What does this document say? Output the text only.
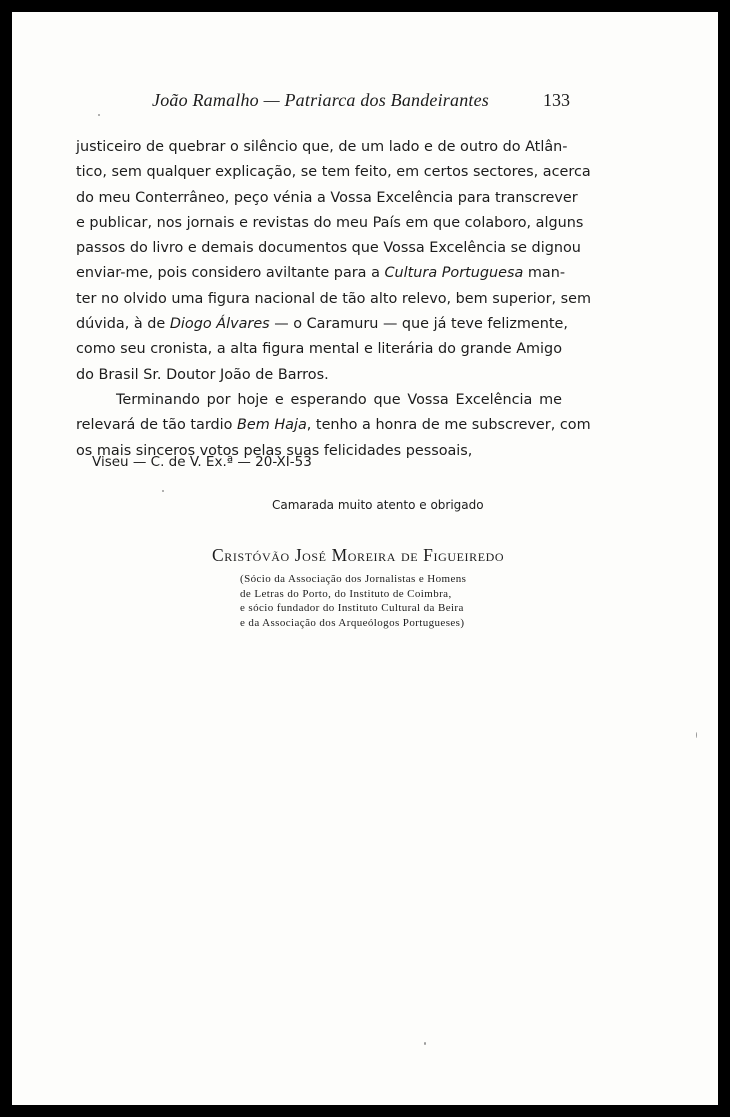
João Ramalho — Patriarca dos Bandeirantes	133
justiceiro de quebrar o silêncio que, de um lado e de outro do Atlân-
tico, sem qualquer explicação, se tem feito, em certos sectores, acerca
do meu Conterrâneo, peço vénia a Vossa Excelência para transcrever
e publicar, nos jornais e revistas do meu País em que colaboro, alguns
passos do livro e demais documentos que Vossa Excelência se dignou
enviar-me, pois considero aviltante para a Cultura Portuguesa man-
ter no olvido uma figura nacional de tão alto relevo, bem superior, sem
dúvida, à de Diogo Álvares — o Caramuru — que já teve felizmente,
como seu cronista, a alta figura mental e literária do grande Amigo
do Brasil Sr. Doutor João de Barros.
Terminando por hoje e esperando que Vossa Excelência me
relevará de tão tardio Bem Haja, tenho a honra de me subscrever, com
os mais sinceros votos pelas suas felicidades pessoais,
Viseu — C. de V. Ex.ª — 20-XI-53
Camarada muito atento e obrigado
Cristóvão José Moreira de Figueiredo
(Sócio da Associação dos Jornalistas e Homens
de Letras do Porto, do Instituto de Coimbra,
e sócio fundador do Instituto Cultural da Beira
e da Associação dos Arqueólogos Portugueses)
